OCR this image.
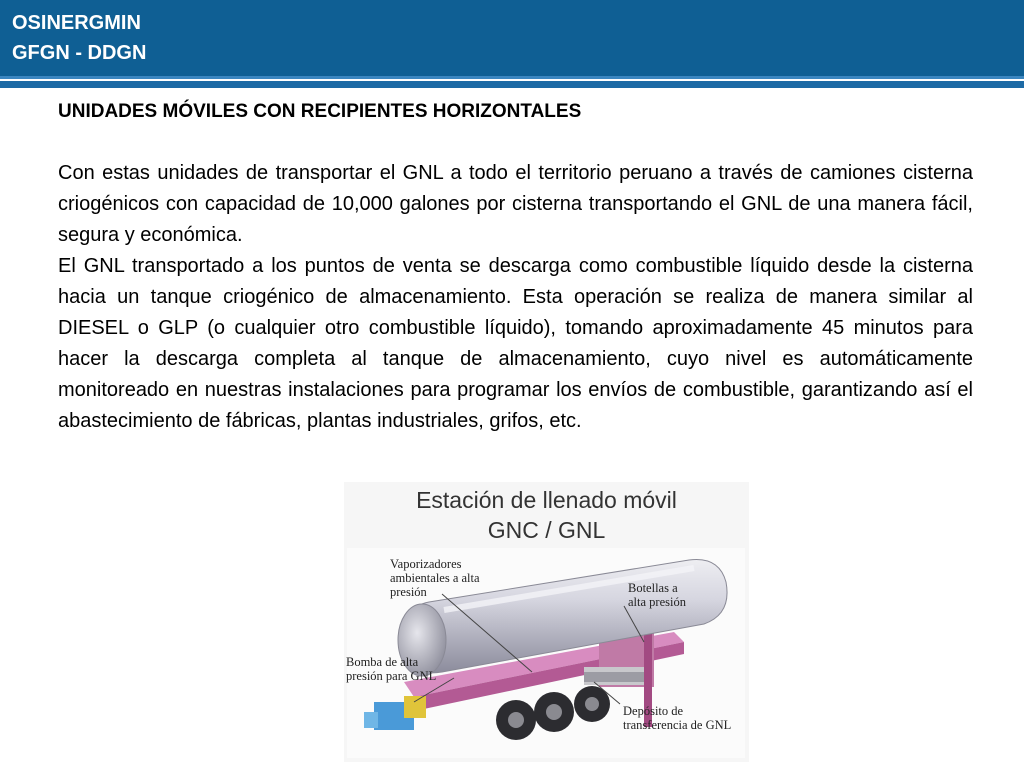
OSINERGMIN
GFGN - DDGN

UNIDADES MÓVILES CON RECIPIENTES HORIZONTALES

Con estas unidades de transportar el GNL a todo el territorio peruano a través de camiones cisterna criogénicos con capacidad de 10,000 galones por cisterna transportando el GNL de una manera fácil, segura y económica.

El GNL transportado a los puntos de venta se descarga como combustible líquido desde la cisterna hacia un tanque criogénico de almacenamiento. Esta operación se realiza de manera similar al DIESEL o GLP (o cualquier otro combustible líquido), tomando aproximadamente 45 minutos para hacer la descarga completa al tanque de almacenamiento, cuyo nivel es automáticamente monitoreado en nuestras instalaciones para programar los envíos de combustible, garantizando así el abastecimiento de fábricas, plantas industriales, grifos, etc.

Estación de llenado móvil
GNC / GNL
Vaporizadores
ambientales a alta
presión	Botellas a
alta presión
Bomba de alta
presión para GNL
Depósito de
transferencia de GNL
